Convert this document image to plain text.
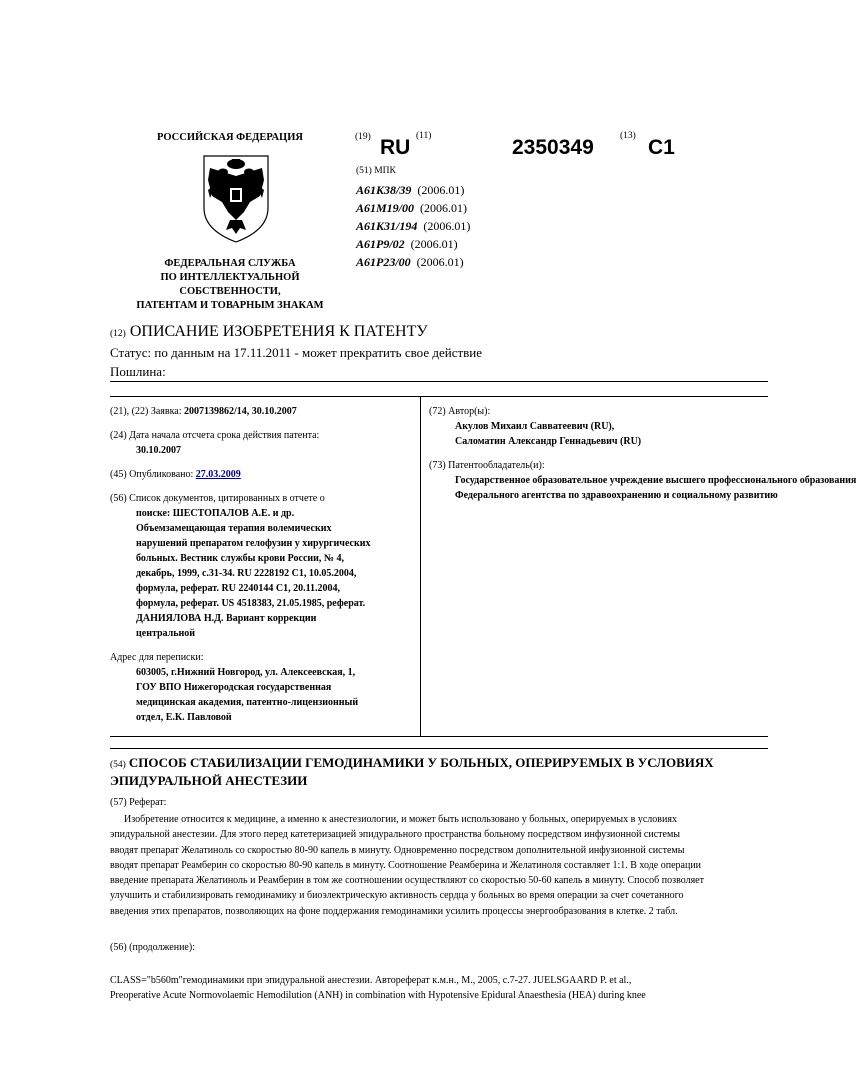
РОССИЙСКАЯ ФЕДЕРАЦИЯ
ФЕДЕРАЛЬНАЯ СЛУЖБА
ПО ИНТЕЛЛЕКТУАЛЬНОЙ
СОБСТВЕННОСТИ,
ПАТЕНТАМ И ТОВАРНЫМ ЗНАКАМ
(19) RU (11)	2350349	(13) C1
(51) МПК
A61K38/39 (2006.01)
A61M19/00 (2006.01)
A61K31/194 (2006.01)
A61P9/02 (2006.01)
A61P23/00 (2006.01)
(12) ОПИСАНИЕ ИЗОБРЕТЕНИЯ К ПАТЕНТУ
Статус: по данным на 17.11.2011 - может прекратить свое действие
Пошлина:
(21), (22) Заявка: 2007139862/14, 30.10.2007
(24) Дата начала отсчета срока действия патента:
30.10.2007
(45) Опубликовано: 27.03.2009
(56) Список документов, цитированных в отчете о
поиске: ШЕСТОПАЛОВ А.Е. и др.
Объемзамещающая терапия волемических
нарушений препаратом гелофузин у хирургических
больных. Вестник службы крови России, № 4,
декабрь, 1999, с.31-34. RU 2228192 C1, 10.05.2004,
формула, реферат. RU 2240144 C1, 20.11.2004,
формула, реферат. US 4518383, 21.05.1985, реферат.
ДАНИЯЛОВА Н.Д. Вариант коррекции
центральной
Адрес для переписки:
603005, г.Нижний Новгород, ул. Алексеевская, 1,
ГОУ ВПО Нижегородская государственная
медицинская академия, патентно-лицензионный
отдел, Е.К. Павловой
(72) Автор(ы):
Акулов Михаил Савватеевич (RU),
Саломатин Александр Геннадьевич (RU)
(73) Патентообладатель(и):
Государственное образовательное учреждение высшего профессионального образования
Федерального агентства по здравоохранению и социальному развитию
(54) СПОСОБ СТАБИЛИЗАЦИИ ГЕМОДИНАМИКИ У БОЛЬНЫХ, ОПЕРИРУЕМЫХ В УСЛОВИЯХ ЭПИДУРАЛЬНОЙ АНЕСТЕЗИИ
(57) Реферат:
Изобретение относится к медицине, а именно к анестезиологии, и может быть использовано у больных, оперируемых в условиях эпидуральной анестезии. Для этого перед катетеризацией эпидурального пространства больному посредством инфузионной системы вводят препарат Желатиноль со скоростью 80-90 капель в минуту. Одновременно посредством дополнительной инфузионной системы вводят препарат Реамберин со скоростью 80-90 капель в минуту. Соотношение Реамберина и Желатиноля составляет 1:1. В ходе операции введение препарата Желатиноль и Реамберин в том же соотношении осуществляют со скоростью 50-60 капель в минуту. Способ позволяет улучшить и стабилизировать гемодинамику и биоэлектрическую активность сердца у больных во время операции за счет сочетанного введения этих препаратов, позволяющих на фоне поддержания гемодинамики усилить процессы энергообразования в клетке. 2 табл.
(56) (продолжение):
CLASS="b560m"гемодинамики при эпидуральной анестезии. Автореферат к.м.н., М., 2005, с.7-27. JUELSGAARD P. et al.,
Preoperative Acute Normovolaemic Hemodilution (ANH) in combination with Hypotensive Epidural Anaesthesia (HEA) during knee
